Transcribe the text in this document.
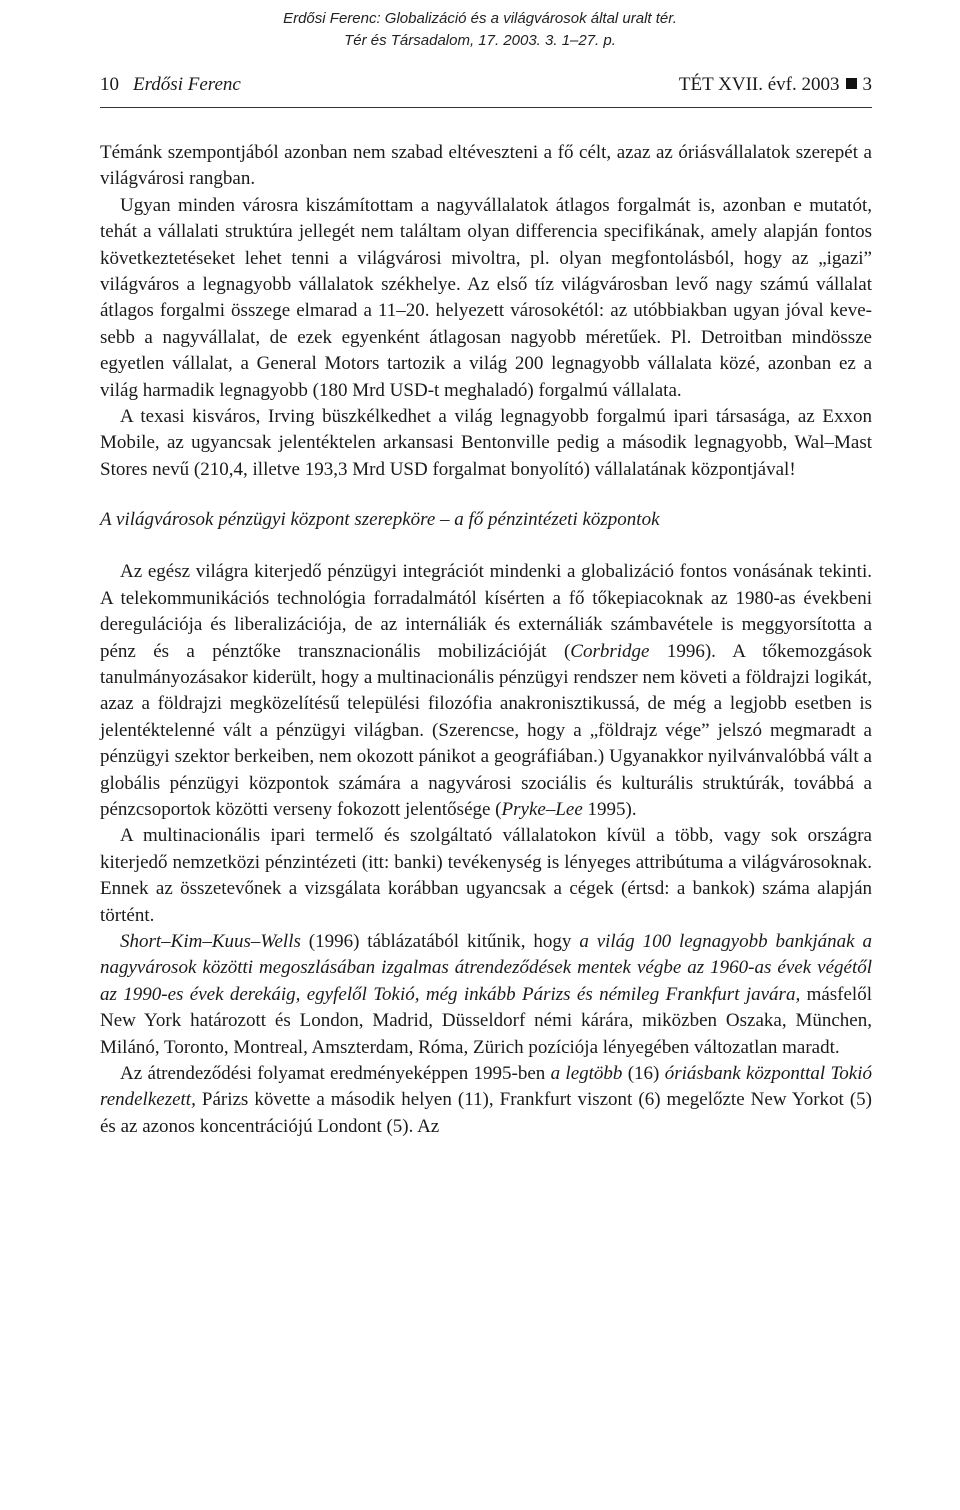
Erdősi Ferenc: Globalizáció és a világvárosok által uralt tér.
Tér és Társadalom, 17. 2003. 3. 1–27. p.
10 Erdősi Ferenc	TÉT XVII. évf. 2003 3

Témánk szempontjából azonban nem szabad eltéveszteni a fő célt, azaz az óriásvállalatok szerepét a világvárosi rangban.

Ugyan minden városra kiszámítottam a nagyvállalatok átlagos forgalmát is, azonban e mutatót, tehát a vállalati struktúra jellegét nem találtam olyan differencia specifikának, amely alapján fontos következtetéseket lehet tenni a világvárosi mivoltra, pl. olyan megfontolásból, hogy az „igazi” világváros a legnagyobb vállalatok székhelye. Az első tíz világvárosban levő nagy számú vállalat átlagos forgalmi összege elmarad a 11–20. helyezett városokétól: az utóbbiakban ugyan jóval kevesebb a nagyvállalat, de ezek egyenként átlagosan nagyobb méretűek. Pl. Detroitban mindössze egyetlen vállalat, a General Motors tartozik a világ 200 legnagyobb vállalata közé, azonban ez a világ harmadik legnagyobb (180 Mrd USD-t meghaladó) forgalmú vállalata.

A texasi kisváros, Irving büszkélkedhet a világ legnagyobb forgalmú ipari társasága, az Exxon Mobile, az ugyancsak jelentéktelen arkansasi Bentonville pedig a második legnagyobb, Wal–Mast Stores nevű (210,4, illetve 193,3 Mrd USD forgalmat bonyolító) vállalatának központjával!

A világvárosok pénzügyi központ szerepköre – a fő pénzintézeti központok

Az egész világra kiterjedő pénzügyi integrációt mindenki a globalizáció fontos vonásának tekinti. A telekommunikációs technológia forradalmától kísérten a fő tőkepiacoknak az 1980-as évekbeni deregulációja és liberalizációja, de az internáliák és externáliák számbavétele is meggyorsította a pénz és a pénztőke transznacionális mobilizációját (Corbridge 1996). A tőkemozgások tanulmányozásakor kiderült, hogy a multinacionális pénzügyi rendszer nem követi a földrajzi logikát, azaz a földrajzi megközelítésű települési filozófia anakronisztikussá, de még a legjobb esetben is jelentéktelenné vált a pénzügyi világban. (Szerencse, hogy a „földrajz vége” jelszó megmaradt a pénzügyi szektor berkeiben, nem okozott pánikot a geográfiában.) Ugyanakkor nyilvánvalóbbá vált a globális pénzügyi központok számára a nagyvárosi szociális és kulturális struktúrák, továbbá a pénzcsoportok közötti verseny fokozott jelentősége (Pryke–Lee 1995).

A multinacionális ipari termelő és szolgáltató vállalatokon kívül a több, vagy sok országra kiterjedő nemzetközi pénzintézeti (itt: banki) tevékenység is lényeges attribútuma a világvárosoknak. Ennek az összetevőnek a vizsgálata korábban ugyancsak a cégek (értsd: a bankok) száma alapján történt.

Short–Kim–Kuus–Wells (1996) táblázatából kitűnik, hogy a világ 100 legnagyobb bankjának a nagyvárosok közötti megoszlásában izgalmas átrendeződések mentek végbe az 1960-as évek végétől az 1990-es évek derekáig, egyfelől Tokió, még inkább Párizs és némileg Frankfurt javára, másfelől New York határozott és London, Madrid, Düsseldorf némi kárára, miközben Oszaka, München, Milánó, Toronto, Montreal, Amszterdam, Róma, Zürich pozíciója lényegében változatlan maradt.

Az átrendeződési folyamat eredményeképpen 1995-ben a legtöbb (16) óriásbank központtal Tokió rendelkezett, Párizs követte a második helyen (11), Frankfurt viszont (6) megelőzte New Yorkot (5) és az azonos koncentrációjú Londont (5). Az
